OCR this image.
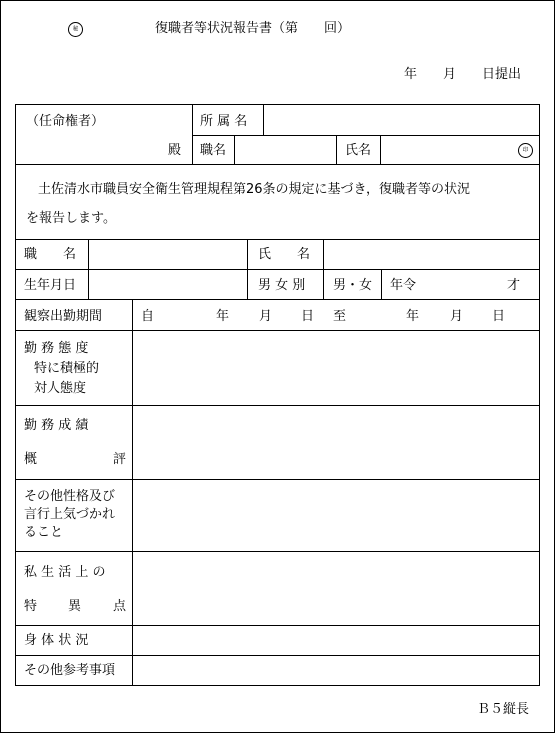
秘	復職者等状況報告書（第　　回）
年　　月　　日提出
（任命権者）
殿
所 属 名
職名	氏名	印
土佐清水市職員安全衛生管理規程第26条の規定に基づき，復職者等の状況
を報告します。
職　　名	氏　　名
生年月日	男 女 別 男・女 年令	才
観察出勤期間	自	年 月 日 至	年 月 日
勤 務 態 度
特に積極的
対人態度
勤 務 成 績
概	評
その他性格及び
言行上気づかれ
ること
私 生 活 上 の
特 異 点
身 体 状 況
その他参考事項
Ｂ５縦長
